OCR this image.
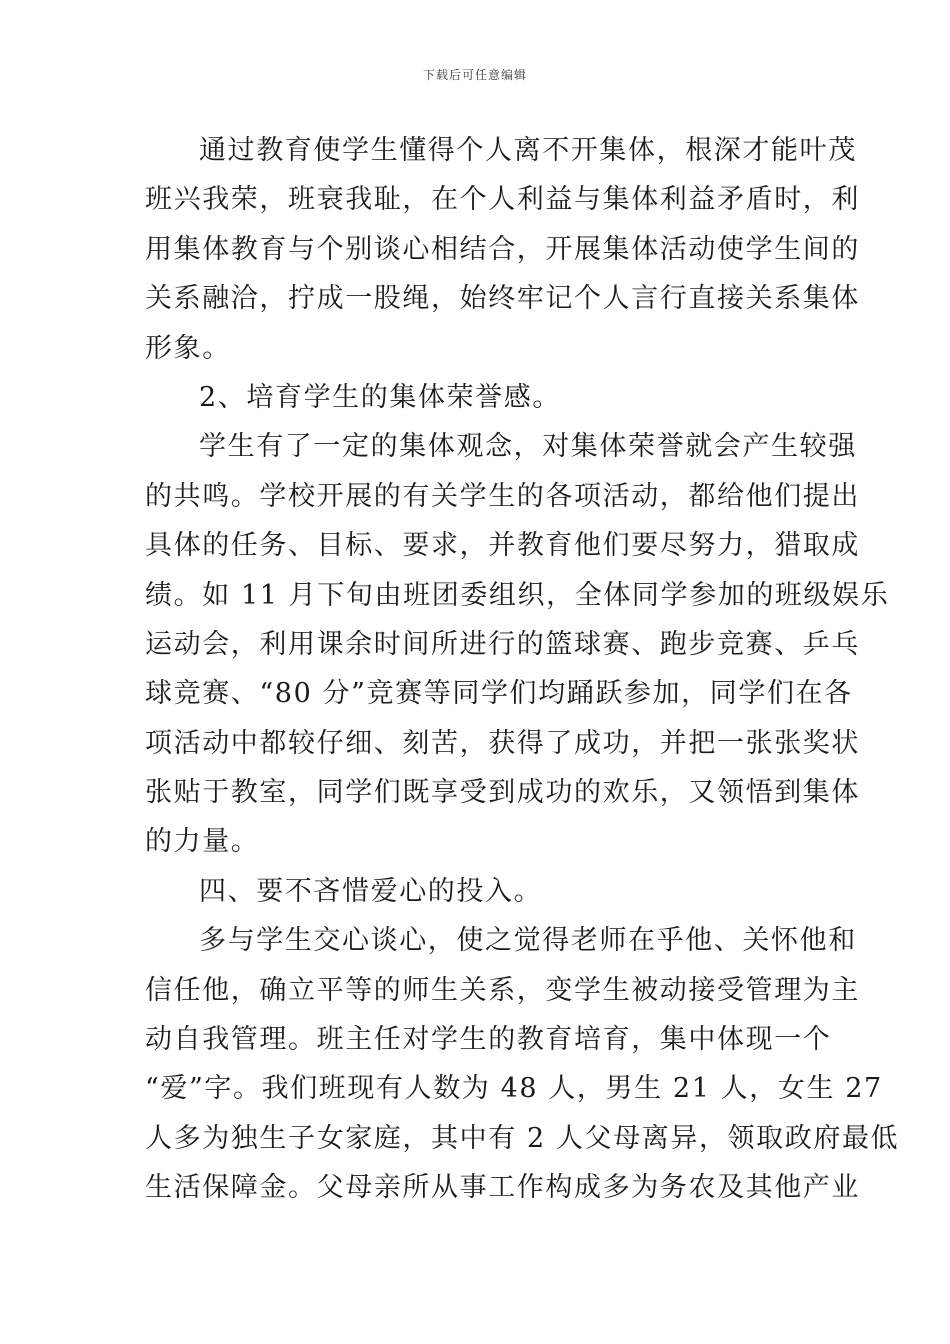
下载后可任意编辑
通过教育使学生懂得个人离不开集体，根深才能叶茂
班兴我荣，班衰我耻，在个人利益与集体利益矛盾时，利
用集体教育与个别谈心相结合，开展集体活动使学生间的
关系融洽，拧成一股绳，始终牢记个人言行直接关系集体
形象。
2、培育学生的集体荣誉感。
学生有了一定的集体观念，对集体荣誉就会产生较强
的共鸣。学校开展的有关学生的各项活动，都给他们提出
具体的任务、目标、要求，并教育他们要尽努力，猎取成
绩。如 11 月下旬由班团委组织，全体同学参加的班级娱乐
运动会，利用课余时间所进行的篮球赛、跑步竞赛、乒乓
球竞赛、“80 分”竞赛等同学们均踊跃参加，同学们在各
项活动中都较仔细、刻苦，获得了成功，并把一张张奖状
张贴于教室，同学们既享受到成功的欢乐，又领悟到集体
的力量。
四、要不吝惜爱心的投入。
多与学生交心谈心，使之觉得老师在乎他、关怀他和
信任他，确立平等的师生关系，变学生被动接受管理为主
动自我管理。班主任对学生的教育培育，集中体现一个
“爱”字。我们班现有人数为 48 人，男生 21 人，女生 27
人多为独生子女家庭，其中有 2 人父母离异，领取政府最低
生活保障金。父母亲所从事工作构成多为务农及其他产业
